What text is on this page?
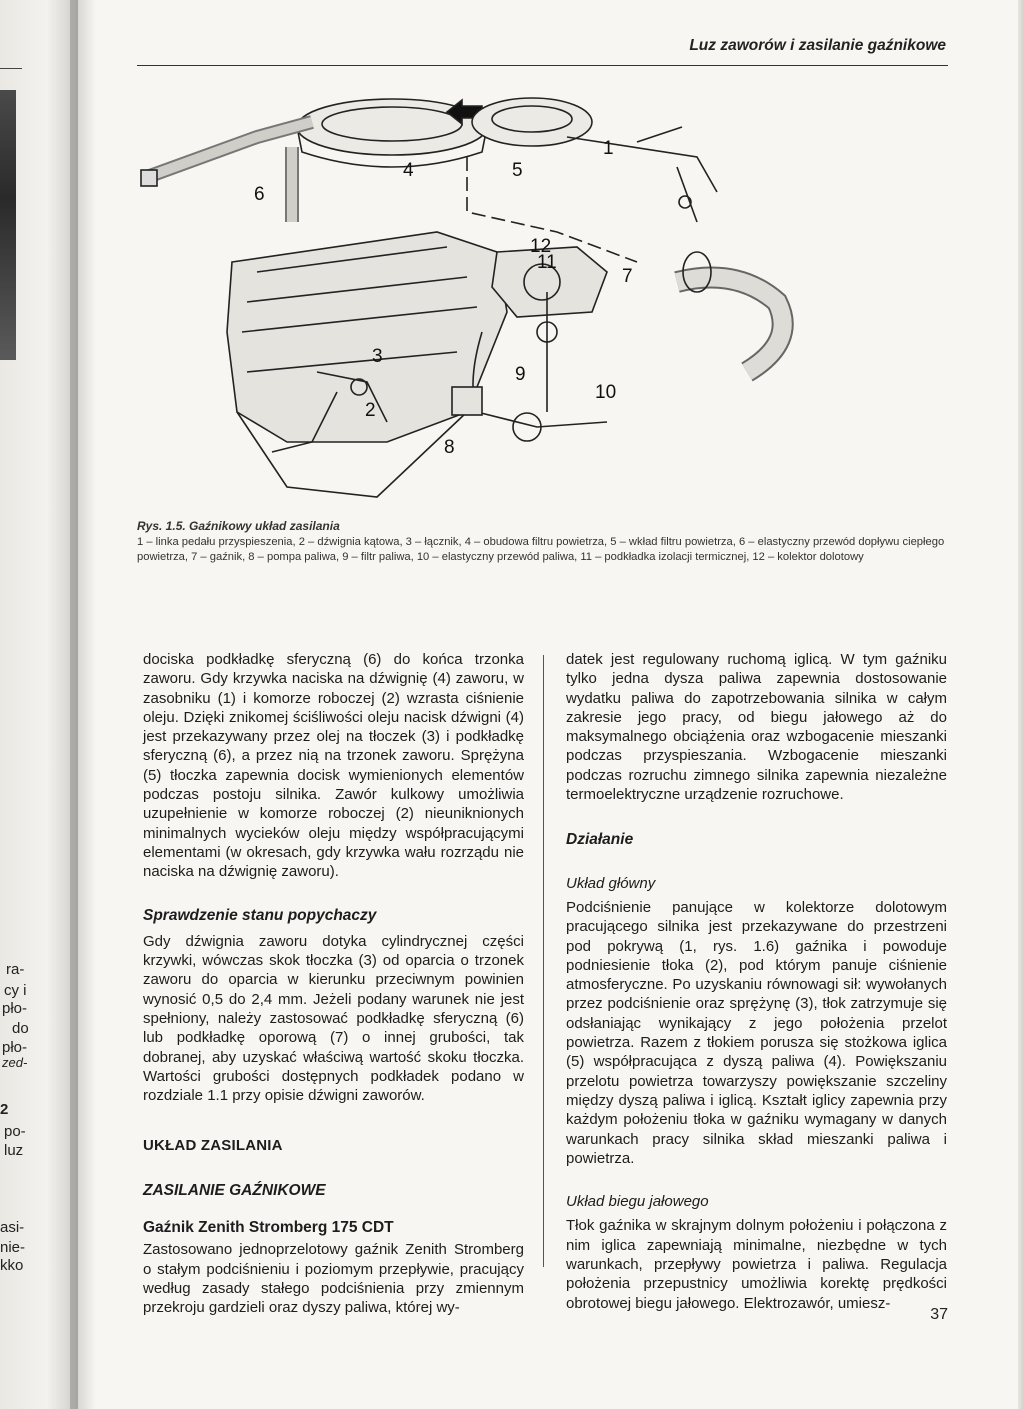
ra-
cy i
pło-
do
pło-
zed-
2
po-
luz
asi-
nie-
kko
Luz zaworów i zasilanie gaźnikowe
1
2
3
4	5
6
7
8
9
10
11
12
Rys. 1.5. Gaźnikowy układ zasilania
1 – linka pedału przyspieszenia, 2 – dźwignia kątowa, 3 – łącznik, 4 – obudowa filtru powietrza, 5 – wkład filtru powietrza, 6 – elastyczny przewód dopływu ciepłego powietrza, 7 – gaźnik, 8 – pompa paliwa, 9 – filtr paliwa, 10 – elastyczny przewód paliwa, 11 – podkładka izolacji termicznej, 12 – kolektor dolotowy

dociska podkładkę sferyczną (6) do końca trzonka zaworu. Gdy krzywka naciska na dźwignię (4) zaworu, w zasobniku (1) i komorze roboczej (2) wzrasta ciśnienie oleju. Dzięki znikomej ściśliwości oleju nacisk dźwigni (4) jest przekazywany przez olej na tłoczek (3) i podkładkę sferyczną (6), a przez nią na trzonek zaworu. Sprężyna (5) tłoczka zapewnia docisk wymienionych elementów podczas postoju silnika. Zawór kulkowy umożliwia uzupełnienie w komorze roboczej (2) nieuniknionych minimalnych wycieków oleju między współpracującymi elementami (w okresach, gdy krzywka wału rozrządu nie naciska na dźwignię zaworu).

Sprawdzenie stanu popychaczy

Gdy dźwignia zaworu dotyka cylindrycznej części krzywki, wówczas skok tłoczka (3) od oparcia o trzonek zaworu do oparcia w kierunku przeciwnym powinien wynosić 0,5 do 2,4 mm. Jeżeli podany warunek nie jest spełniony, należy zastosować podkładkę sferyczną (6) lub podkładkę oporową (7) o innej grubości, tak dobranej, aby uzyskać właściwą wartość skoku tłoczka. Wartości grubości dostępnych podkładek podano w rozdziale 1.1 przy opisie dźwigni zaworów.

UKŁAD ZASILANIA
ZASILANIE GAŹNIKOWE
Gaźnik Zenith Stromberg 175 CDT

Zastosowano jednoprzelotowy gaźnik Zenith Stromberg o stałym podciśnieniu i poziomym przepływie, pracujący według zasady stałego podciśnienia przy zmiennym przekroju gardzieli oraz dyszy paliwa, której wy-

datek jest regulowany ruchomą iglicą. W tym gaźniku tylko jedna dysza paliwa zapewnia dostosowanie wydatku paliwa do zapotrzebowania silnika w całym zakresie jego pracy, od biegu jałowego aż do maksymalnego obciążenia oraz wzbogacenie mieszanki podczas przyspieszania. Wzbogacenie mieszanki podczas rozruchu zimnego silnika zapewnia niezależne termoelektryczne urządzenie rozruchowe.

Działanie
Układ główny

Podciśnienie panujące w kolektorze dolotowym pracującego silnika jest przekazywane do przestrzeni pod pokrywą (1, rys. 1.6) gaźnika i powoduje podniesienie tłoka (2), pod którym panuje ciśnienie atmosferyczne. Po uzyskaniu równowagi sił: wywołanych przez podciśnienie oraz sprężynę (3), tłok zatrzymuje się odsłaniając wynikający z jego położenia przelot powietrza. Razem z tłokiem porusza się stożkowa iglica (5) współpracująca z dyszą paliwa (4). Powiększaniu przelotu powietrza towarzyszy powiększanie szczeliny między dyszą paliwa i iglicą. Kształt iglicy zapewnia przy każdym położeniu tłoka w gaźniku wymagany w danych warunkach pracy silnika skład mieszanki paliwa i powietrza.

Układ biegu jałowego

Tłok gaźnika w skrajnym dolnym położeniu i połączona z nim iglica zapewniają minimalne, niezbędne w tych warunkach, przepływy powietrza i paliwa. Regulacja położenia przepustnicy umożliwia korektę prędkości obrotowej biegu jałowego. Elektrozawór, umiesz-

37
